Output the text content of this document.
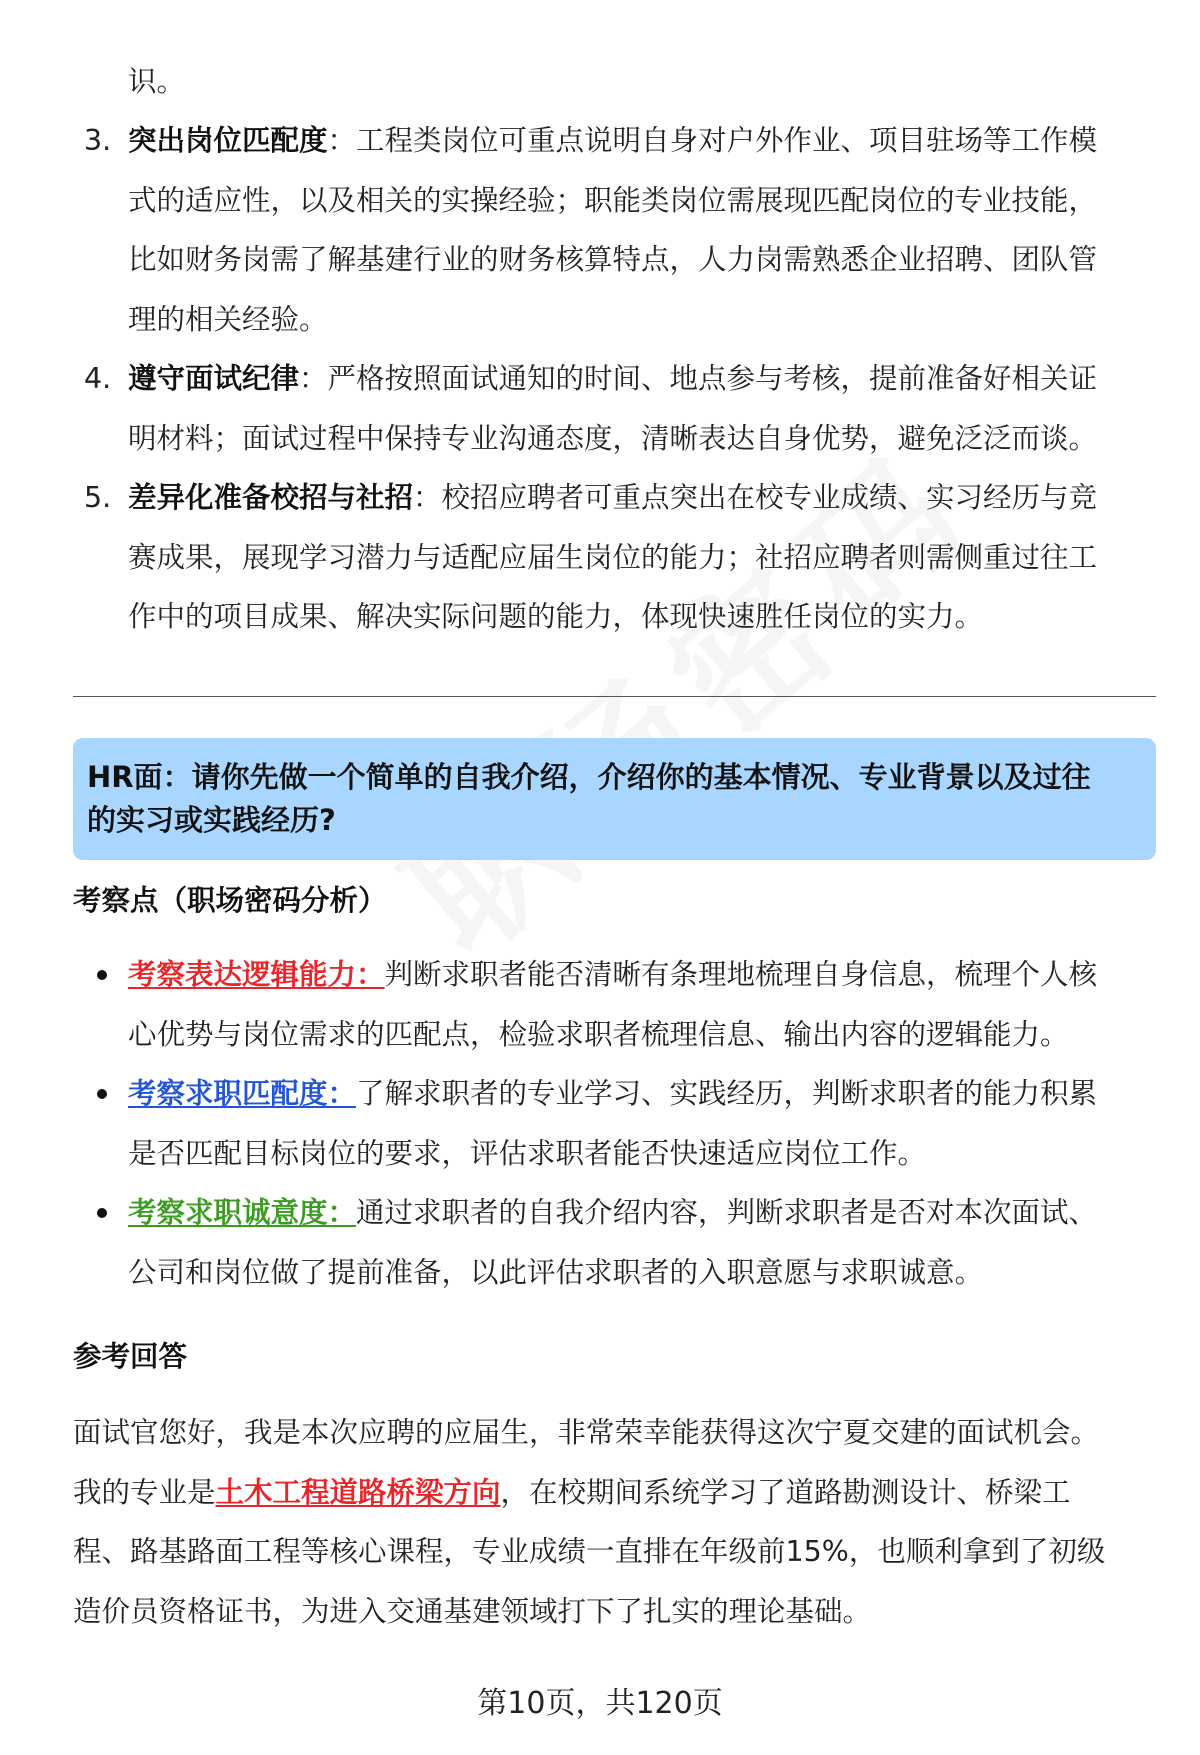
识。

3. 突出岗位匹配度：工程类岗位可重点说明自身对户外作业、项目驻场等工作模
式的适应性，以及相关的实操经验；职能类岗位需展现匹配岗位的专业技能，
比如财务岗需了解基建行业的财务核算特点，人力岗需熟悉企业招聘、团队管
理的相关经验。

4. 遵守面试纪律：严格按照面试通知的时间、地点参与考核，提前准备好相关证
明材料；面试过程中保持专业沟通态度，清晰表达自身优势，避免泛泛而谈。

5. 差异化准备校招与社招：校招应聘者可重点突出在校专业成绩、实习经历与竞
赛成果，展现学习潜力与适配应届生岗位的能力；社招应聘者则需侧重过往工
作中的项目成果、解决实际问题的能力，体现快速胜任岗位的实力。

HR面：请你先做一个简单的自我介绍，介绍你的基本情况、专业背景以及过往
的实习或实践经历?

考察点（职场密码分析）

考察表达逻辑能力：判断求职者能否清晰有条理地梳理自身信息，梳理个人核
心优势与岗位需求的匹配点，检验求职者梳理信息、输出内容的逻辑能力。

考察求职匹配度：了解求职者的专业学习、实践经历，判断求职者的能力积累
是否匹配目标岗位的要求，评估求职者能否快速适应岗位工作。

考察求职诚意度：通过求职者的自我介绍内容，判断求职者是否对本次面试、
公司和岗位做了提前准备，以此评估求职者的入职意愿与求职诚意。

参考回答

面试官您好，我是本次应聘的应届生，非常荣幸能获得这次宁夏交建的面试机会。
我的专业是土木工程道路桥梁方向，在校期间系统学习了道路勘测设计、桥梁工
程、路基路面工程等核心课程，专业成绩一直排在年级前15%，也顺利拿到了初级
造价员资格证书，为进入交通基建领域打下了扎实的理论基础。

第10页，共120页
